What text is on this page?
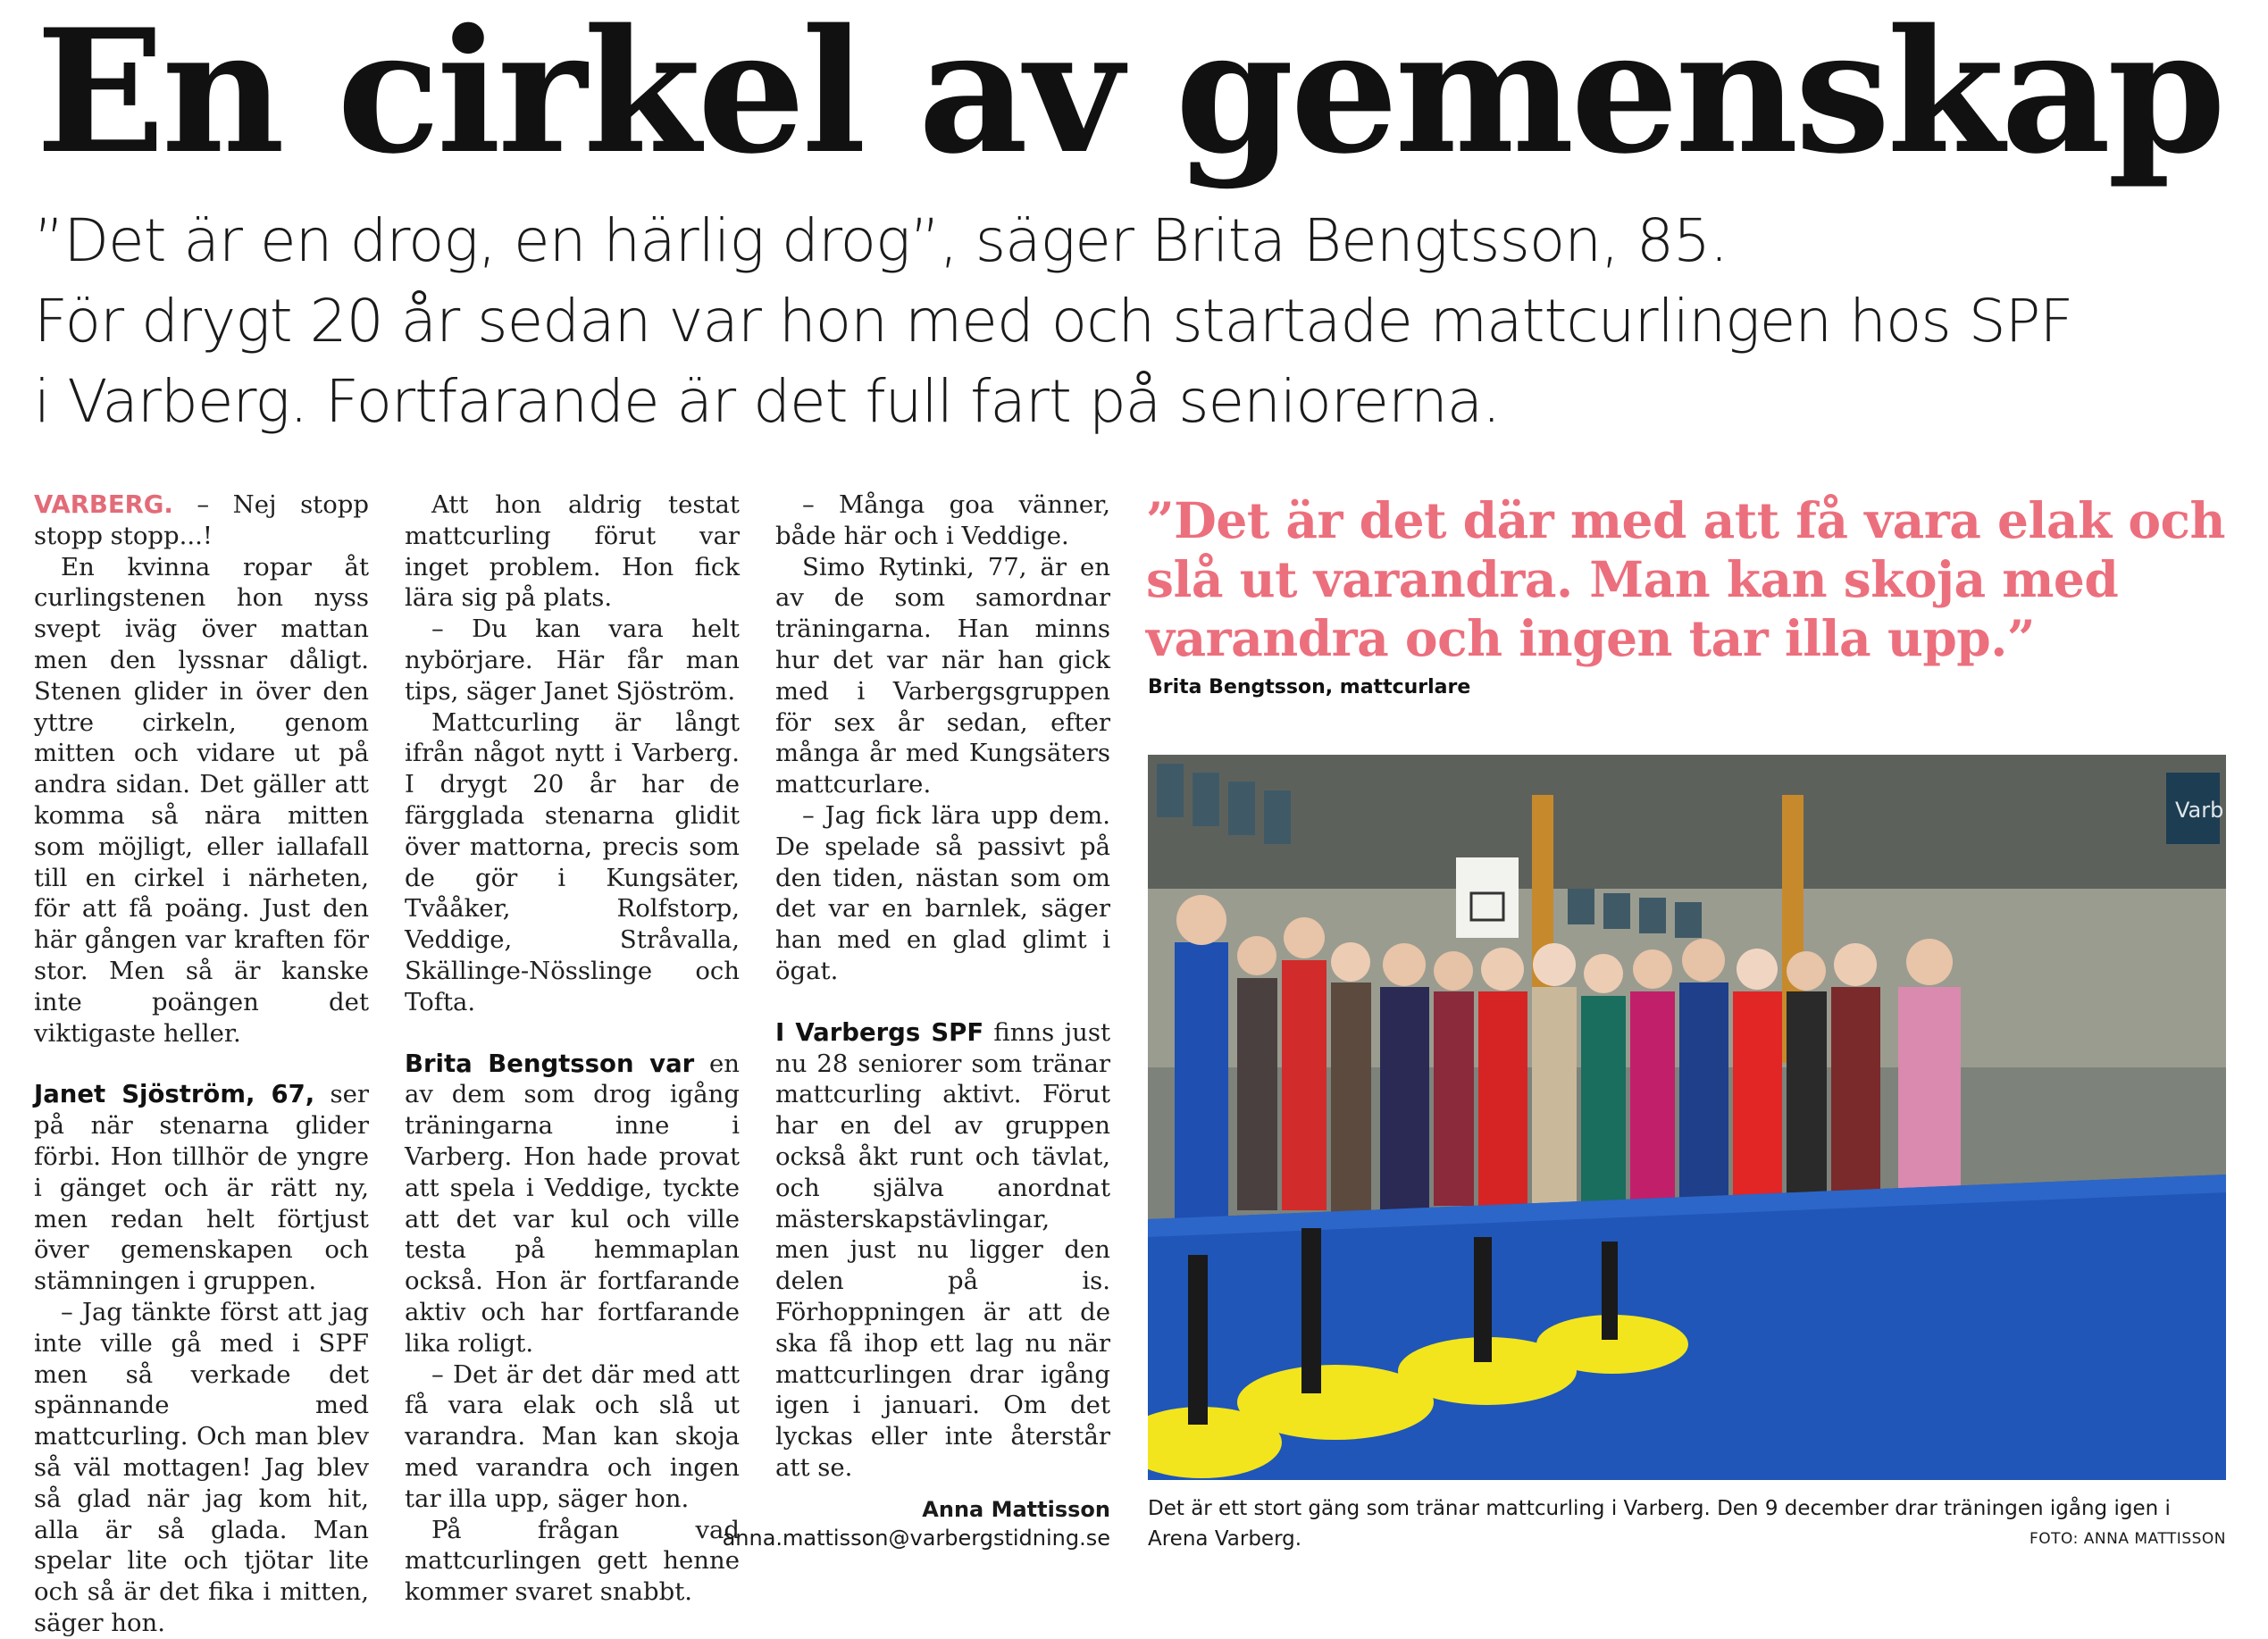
En cirkel av gemenskap
”Det är en drog, en härlig drog”, säger Brita Bengtsson, 85.
För drygt 20 år sedan var hon med och startade mattcurlingen hos SPF
i Varberg. Fortfarande är det full fart på seniorerna.

VARBERG. – Nej stopp stopp stopp...!

En kvinna ropar åt curlingstenen hon nyss svept iväg över mattan men den lyssnar dåligt. Stenen glider in över den yttre cirkeln, genom mitten och vidare ut på andra sidan. Det gäller att komma så nära mitten som möjligt, eller iallafall till en cirkel i närheten, för att få poäng. Just den här gången var kraften för stor. Men så är kanske inte poängen det viktigaste heller.

Janet Sjöström, 67, ser på när stenarna glider förbi. Hon tillhör de yngre i gänget och är rätt ny, men redan helt förtjust över gemenskapen och stämningen i gruppen.

– Jag tänkte först att jag inte ville gå med i SPF men så verkade det spännande med mattcurling. Och man blev så väl mottagen! Jag blev så glad när jag kom hit, alla är så glada. Man spelar lite och tjötar lite och så är det fika i mitten, säger hon.

Att hon aldrig testat mattcurling förut var inget problem. Hon fick lära sig på plats.

– Du kan vara helt nybörjare. Här får man tips, säger Janet Sjöström.

Mattcurling är långt ifrån något nytt i Varberg. I drygt 20 år har de färgglada stenarna glidit över mattorna, precis som de gör i Kungsäter, Tvååker, Rolfstorp, Veddige, Stråvalla, Skällinge-Nösslinge och Tofta.

Brita Bengtsson var en av dem som drog igång träningarna inne i Varberg. Hon hade provat att spela i Veddige, tyckte att det var kul och ville testa på hemmaplan också. Hon är fortfarande aktiv och har fortfarande lika roligt.

– Det är det där med att få vara elak och slå ut varandra. Man kan skoja med varandra och ingen tar illa upp, säger hon.

På frågan vad mattcurlingen gett henne kommer svaret snabbt.

– Många goa vänner, både här och i Veddige.

Simo Rytinki, 77, är en av de som samordnar träningarna. Han minns hur det var när han gick med i Varbergsgruppen för sex år sedan, efter många år med Kungsäters mattcurlare.

– Jag fick lära upp dem. De spelade så passivt på den tiden, nästan som om det var en barnlek, säger han med en glad glimt i ögat.

I Varbergs SPF finns just nu 28 seniorer som tränar mattcurling aktivt. Förut har en del av gruppen också åkt runt och tävlat, och själva anordnat mästerskapstävlingar, men just nu ligger den delen på is. Förhoppningen är att de ska få ihop ett lag nu när mattcurlingen drar igång igen i januari. Om det lyckas eller inte återstår att se.

Anna Mattisson
anna.mattisson@varbergstidning.se
”Det är det där med att få vara elak och slå ut varandra. Man kan skoja med varandra och ingen tar illa upp.”
Brita Bengtsson, mattcurlare
Varb
Det är ett stort gäng som tränar mattcurling i Varberg. Den 9 december drar träningen igång igen i Arena Varberg.	FOTO: ANNA MATTISSON
